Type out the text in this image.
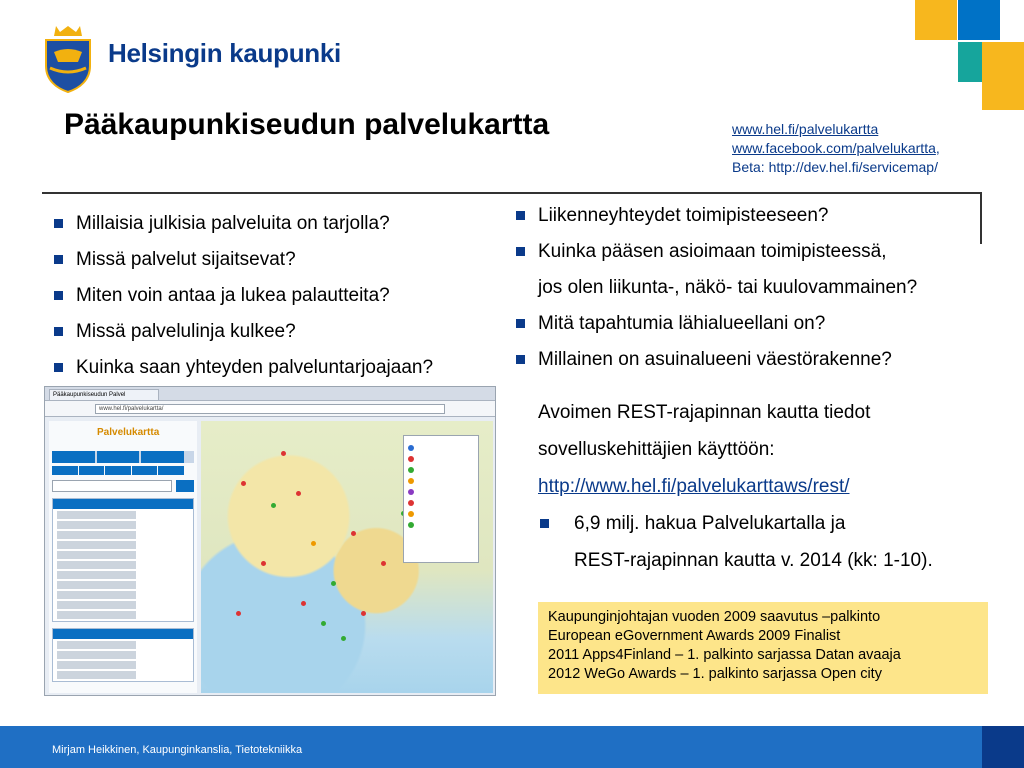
Helsingin kaupunki
Pääkaupunkiseudun palvelukartta	www.hel.fi/palvelukartta
www.facebook.com/palvelukartta,
Beta: http://dev.hel.fi/servicemap/
Millaisia julkisia palveluita on tarjolla?
Missä palvelut sijaitsevat?
Miten voin antaa ja lukea palautteita?
Missä palvelulinja kulkee?
Kuinka saan yhteyden palveluntarjoajaan?
Liikenneyhteydet toimipisteeseen?
Kuinka pääsen asioimaan toimipisteessä,
jos olen liikunta-, näkö- tai kuulovammainen?
Mitä tapahtumia lähialueellani on?
Millainen on asuinalueeni väestörakenne?
Avoimen REST-rajapinnan kautta tiedot
sovelluskehittäjien käyttöön:
http://www.hel.fi/palvelukarttaws/rest/
6,9 milj. hakua Palvelukartalla ja
REST-rajapinnan kautta v. 2014 (kk: 1-10).
Kaupunginjohtajan vuoden 2009 saavutus –palkinto
European eGovernment Awards 2009 Finalist
2011 Apps4Finland – 1. palkinto sarjassa Datan avaaja
2012 WeGo Awards – 1. palkinto sarjassa Open city
Pääkaupunkiseudun Palvel
www.hel.fi/palvelukartta/
Palvelukartta
Mirjam Heikkinen, Kaupunginkanslia, Tietotekniikka
